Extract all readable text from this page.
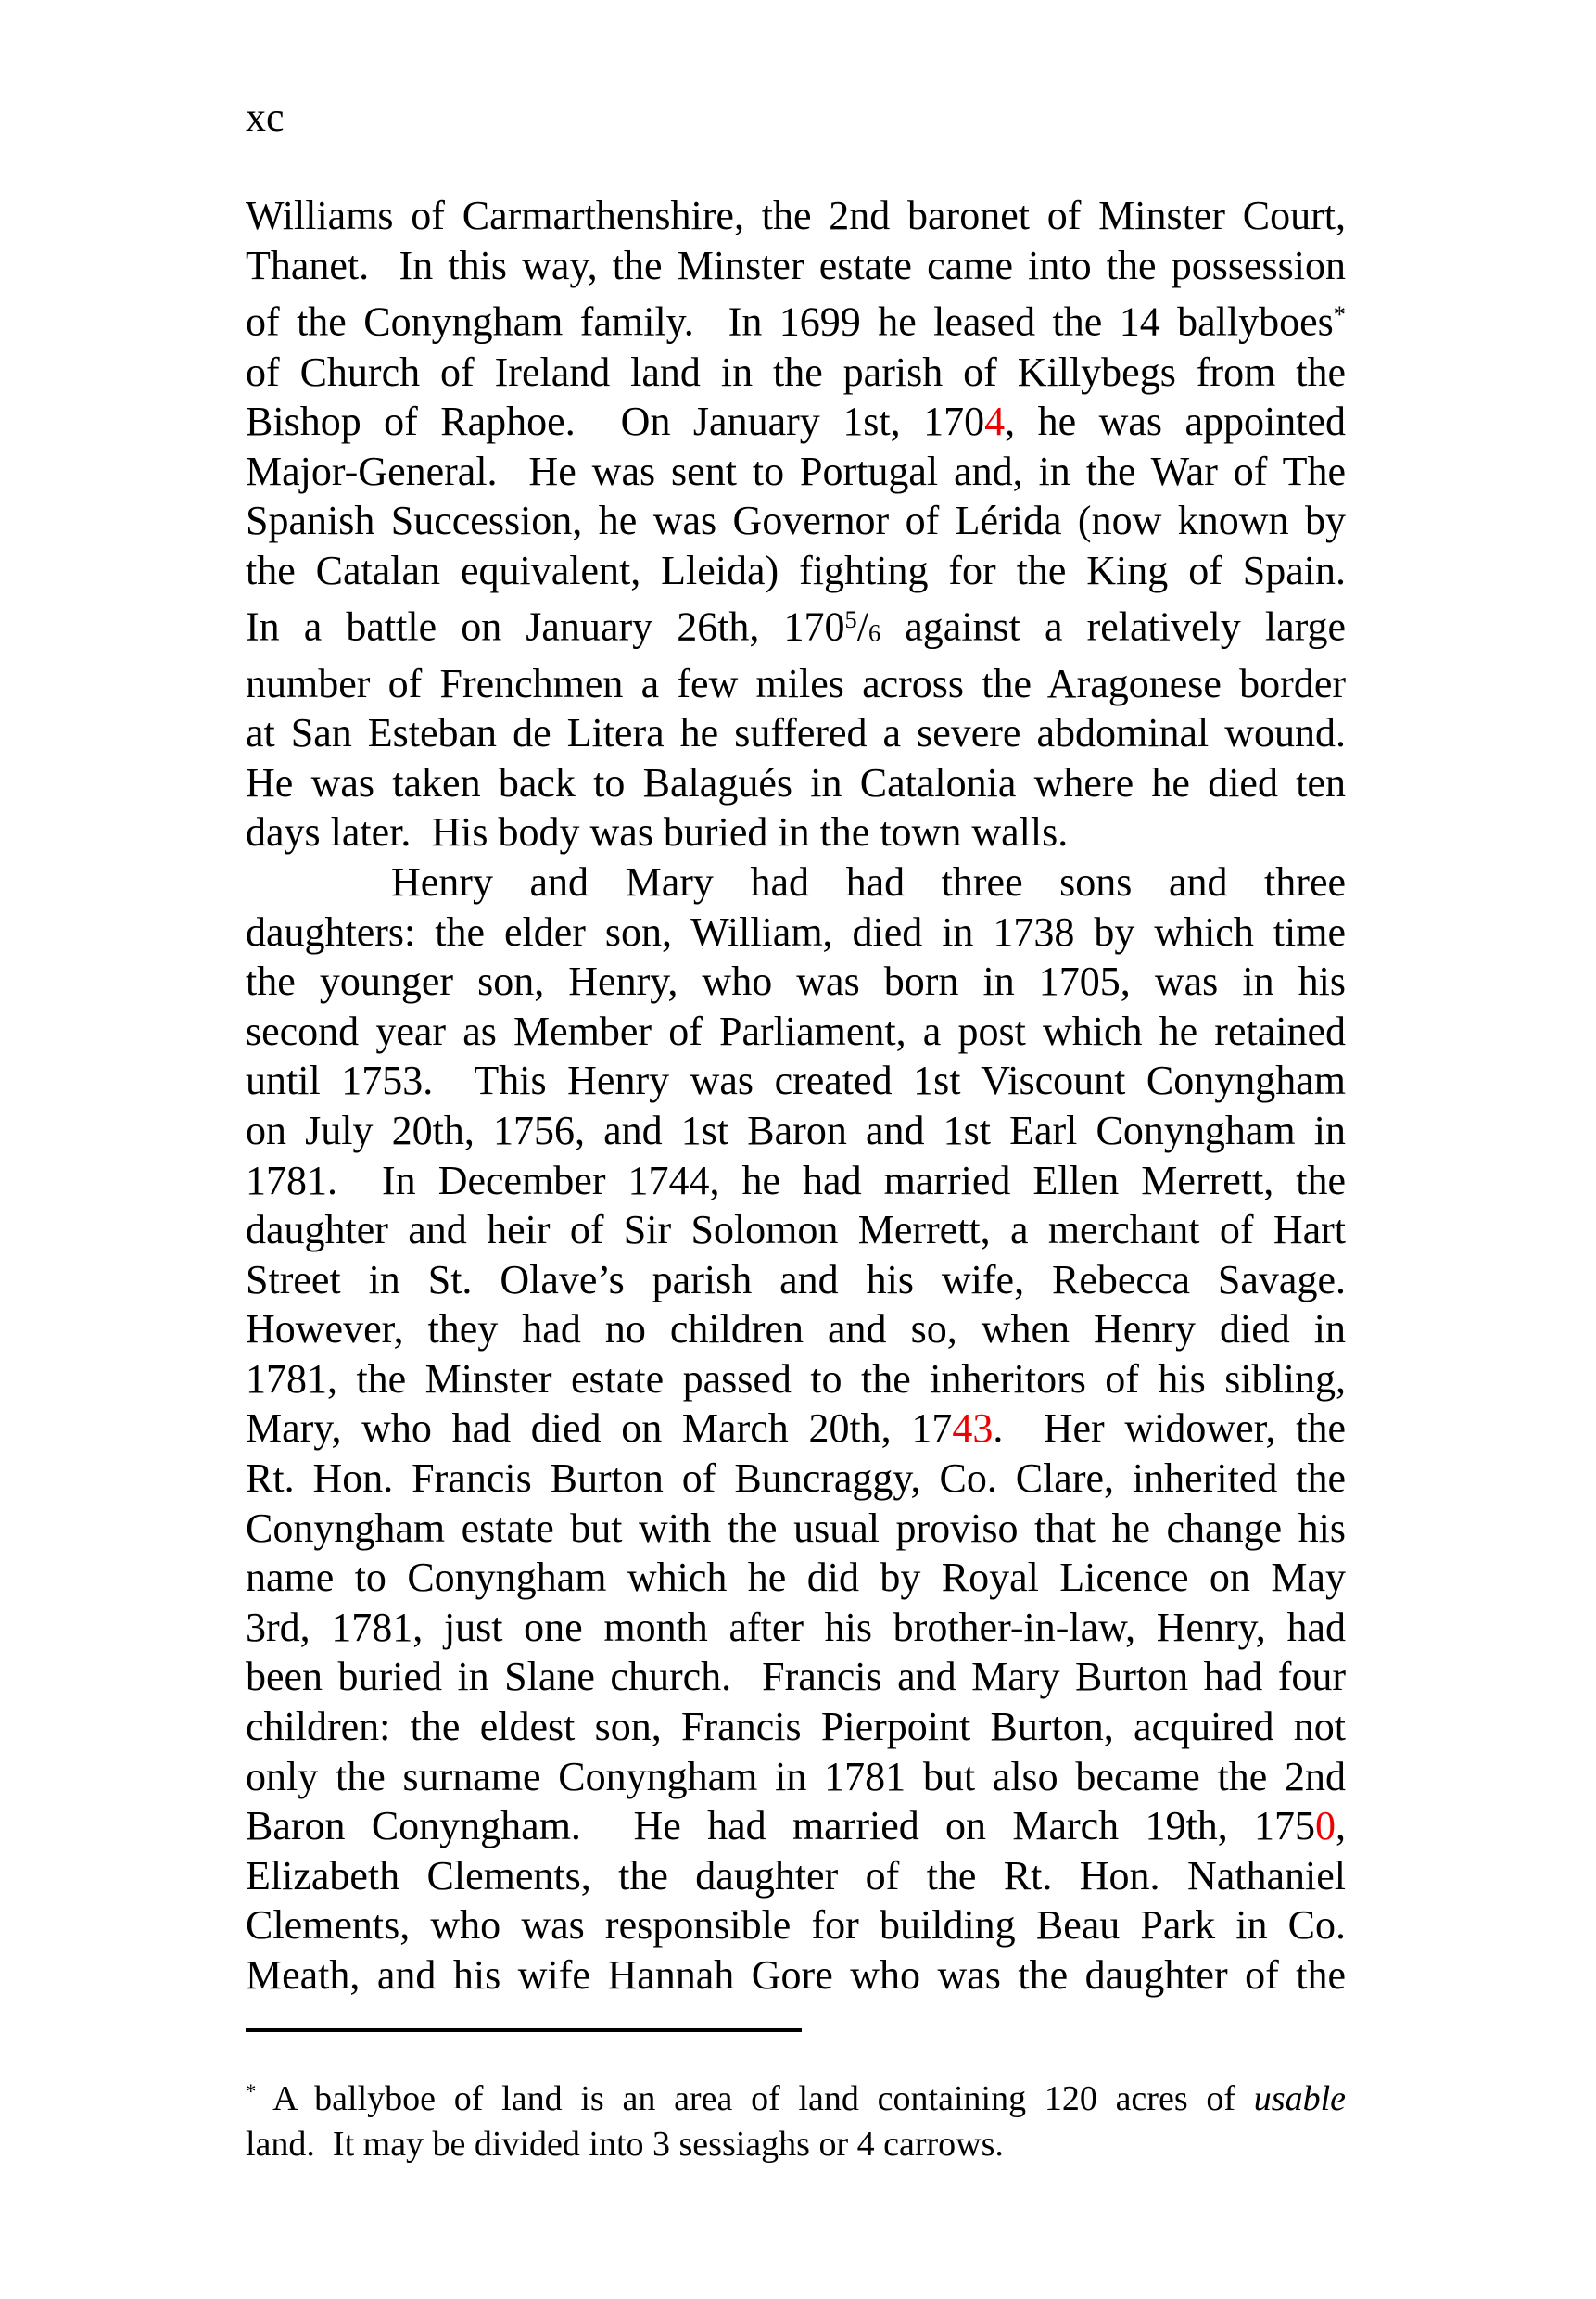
xc
Williams of Carmarthenshire, the 2nd baronet of Minster Court,
Thanet.  In this way, the Minster estate came into the possession
of the Conyngham family.  In 1699 he leased the 14 ballyboes*
of Church of Ireland land in the parish of Killybegs from the
Bishop of Raphoe.  On January 1st, 1704, he was appointed
Major-General.  He was sent to Portugal and, in the War of The
Spanish Succession, he was Governor of Lérida (now known by
the Catalan equivalent, Lleida) fighting for the King of Spain.
In a battle on January 26th, $170^5/6$ against a relatively large
number of Frenchmen a few miles across the Aragonese border
at San Esteban de Litera he suffered a severe abdominal wound.
He was taken back to Balagués in Catalonia where he died ten
days later.  His body was buried in the town walls.
Henry and Mary had had three sons and three
daughters: the elder son, William, died in 1738 by which time
the younger son, Henry, who was born in 1705, was in his
second year as Member of Parliament, a post which he retained
until 1753.  This Henry was created 1st Viscount Conyngham
on July 20th, 1756, and 1st Baron and 1st Earl Conyngham in
1781.  In December 1744, he had married Ellen Merrett, the
daughter and heir of Sir Solomon Merrett, a merchant of Hart
Street in St. Olave’s parish and his wife, Rebecca Savage.
However, they had no children and so, when Henry died in
1781, the Minster estate passed to the inheritors of his sibling,
Mary, who had died on March 20th, 1743.  Her widower, the
Rt. Hon. Francis Burton of Buncraggy, Co. Clare, inherited the
Conyngham estate but with the usual proviso that he change his
name to Conyngham which he did by Royal Licence on May
3rd, 1781, just one month after his brother-in-law, Henry, had
been buried in Slane church.  Francis and Mary Burton had four
children: the eldest son, Francis Pierpoint Burton, acquired not
only the surname Conyngham in 1781 but also became the 2nd
Baron Conyngham.  He had married on March 19th, 1750,
Elizabeth Clements, the daughter of the Rt. Hon. Nathaniel
Clements, who was responsible for building Beau Park in Co.
Meath, and his wife Hannah Gore who was the daughter of the
* A ballyboe of land is an area of land containing 120 acres of usable
land.  It may be divided into 3 sessiaghs or 4 carrows.
